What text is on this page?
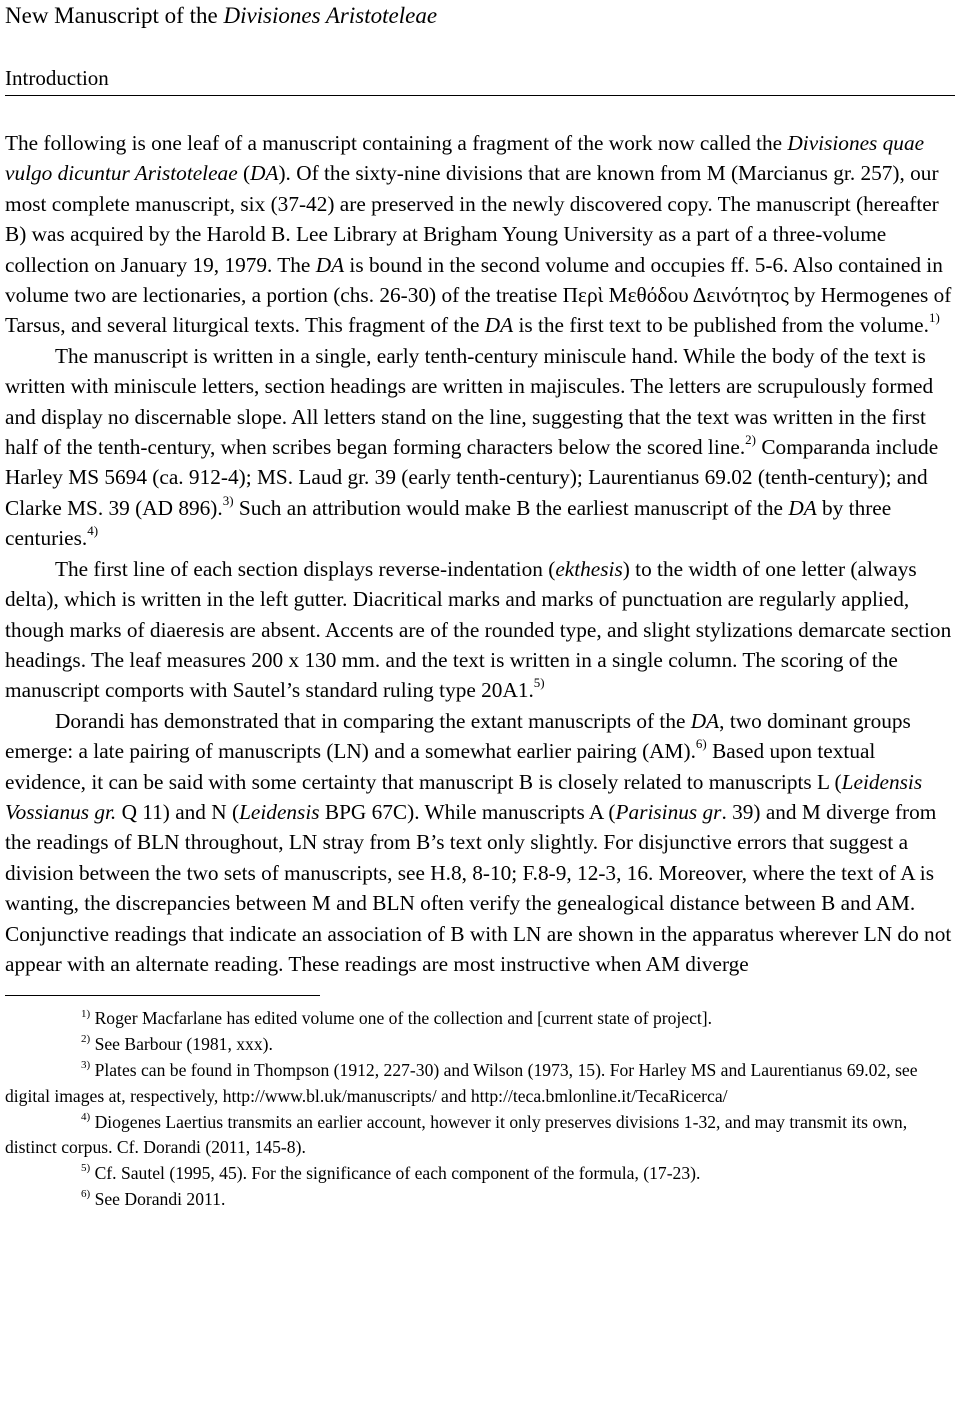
New Manuscript of the Divisiones Aristoteleae
Introduction

The following is one leaf of a manuscript containing a fragment of the work now called the Divisiones quae vulgo dicuntur Aristoteleae (DA). Of the sixty-nine divisions that are known from M (Marcianus gr. 257), our most complete manuscript, six (37-42) are preserved in the newly discovered copy. The manuscript (hereafter B) was acquired by the Harold B. Lee Library at Brigham Young University as a part of a three-volume collection on January 19, 1979. The DA is bound in the second volume and occupies ff. 5-6. Also contained in volume two are lectionaries, a portion (chs. 26-30) of the treatise Περὶ Μεθόδου Δεινότητος by Hermogenes of Tarsus, and several liturgical texts. This fragment of the DA is the first text to be published from the volume.$^{1)}$

The manuscript is written in a single, early tenth-century miniscule hand. While the body of the text is written with miniscule letters, section headings are written in majiscules. The letters are scrupulously formed and display no discernable slope. All letters stand on the line, suggesting that the text was written in the first half of the tenth-century, when scribes began forming characters below the scored line.$^{2)}$ Comparanda include Harley MS 5694 (ca. 912-4); MS. Laud gr. 39 (early tenth-century); Laurentianus 69.02 (tenth-century); and Clarke MS. 39 (AD 896).$^{3)}$ Such an attribution would make B the earliest manuscript of the DA by three centuries.$^{4)}$

The first line of each section displays reverse-indentation (ekthesis) to the width of one letter (always delta), which is written in the left gutter. Diacritical marks and marks of punctuation are regularly applied, though marks of diaeresis are absent. Accents are of the rounded type, and slight stylizations demarcate section headings. The leaf measures 200 x 130 mm. and the text is written in a single column. The scoring of the manuscript comports with Sautel’s standard ruling type 20A1.$^{5)}$

Dorandi has demonstrated that in comparing the extant manuscripts of the DA, two dominant groups emerge: a late pairing of manuscripts (LN) and a somewhat earlier pairing (AM).$^{6)}$ Based upon textual evidence, it can be said with some certainty that manuscript B is closely related to manuscripts L (Leidensis Vossianus gr. Q 11) and N (Leidensis BPG 67C). While manuscripts A (Parisinus gr. 39) and M diverge from the readings of BLN throughout, LN stray from B’s text only slightly. For disjunctive errors that suggest a division between the two sets of manuscripts, see H.8, 8-10; F.8-9, 12-3, 16. Moreover, where the text of A is wanting, the discrepancies between M and BLN often verify the genealogical distance between B and AM. Conjunctive readings that indicate an association of B with LN are shown in the apparatus wherever LN do not appear with an alternate reading. These readings are most instructive when AM diverge

$^{1)}$ Roger Macfarlane has edited volume one of the collection and [current state of project].

$^{2)}$ See Barbour (1981, xxx).

$^{3)}$ Plates can be found in Thompson (1912, 227-30) and Wilson (1973, 15). For Harley MS and Laurentianus 69.02, see digital images at, respectively, http://www.bl.uk/manuscripts/ and http://teca.bmlonline.it/TecaRicerca/

$^{4)}$ Diogenes Laertius transmits an earlier account, however it only preserves divisions 1-32, and may transmit its own, distinct corpus. Cf. Dorandi (2011, 145-8).

$^{5)}$ Cf. Sautel (1995, 45). For the significance of each component of the formula, (17-23).

$^{6)}$ See Dorandi 2011.
